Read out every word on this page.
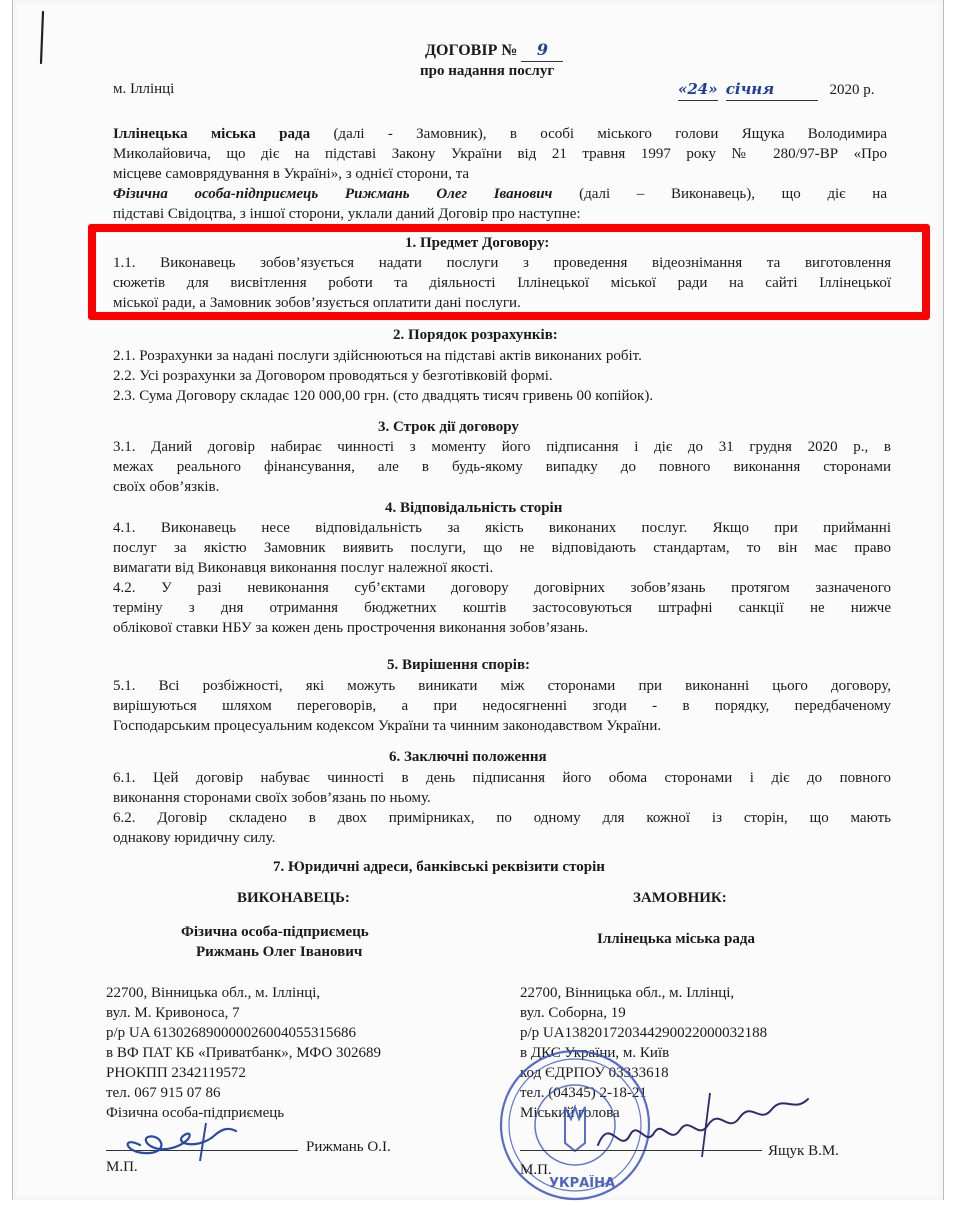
ДОГОВІР № 9
про надання послуг
м. Іллінці	«24» січня	2020 р.
Іллінецька міська рада (далі - Замовник), в особі міського голови Ящука Володимира
Миколайовича, що діє на підставі Закону України від 21 травня 1997 року № 280/97-ВР «Про
місцеве самоврядування в Україні», з однієї сторони, та
Фізична особа-підприємець Рижмань Олег Іванович (далі – Виконавець), що діє на
підставі Свідоцтва, з іншої сторони, уклали даний Договір про наступне:
1. Предмет Договору:
1.1. Виконавець зобов’язується надати послуги з проведення відеознімання та виготовлення
сюжетів для висвітлення роботи та діяльності Іллінецької міської ради на сайті Іллінецької
міської ради, а Замовник зобов’язується оплатити дані послуги.
2. Порядок розрахунків:
2.1. Розрахунки за надані послуги здійснюються на підставі актів виконаних робіт.
2.2. Усі розрахунки за Договором проводяться у безготівковій формі.
2.3. Сума Договору складає 120 000,00 грн. (сто двадцять тисяч гривень 00 копійок).
3. Строк дії договору
3.1. Даний договір набирає чинності з моменту його підписання і діє до 31 грудня 2020 р., в
межах реального фінансування, але в будь-якому випадку до повного виконання сторонами
своїх обов’язків.
4. Відповідальність сторін
4.1. Виконавець несе відповідальність за якість виконаних послуг. Якщо при прийманні
послуг за якістю Замовник виявить послуги, що не відповідають стандартам, то він має право
вимагати від Виконавця виконання послуг належної якості.
4.2. У разі невиконання суб’єктами договору договірних зобов’язань протягом зазначеного
терміну з дня отримання бюджетних коштів застосовуються штрафні санкції не нижче
облікової ставки НБУ за кожен день прострочення виконання зобов’язань.
5. Вирішення спорів:
5.1. Всі розбіжності, які можуть виникати між сторонами при виконанні цього договору,
вирішуються шляхом переговорів, а при недосягненні згоди - в порядку, передбаченому
Господарським процесуальним кодексом України та чинним законодавством України.
6. Заключні положення
6.1. Цей договір набуває чинності в день підписання його обома сторонами і діє до повного
виконання сторонами своїх зобов’язань по ньому.
6.2. Договір складено в двох примірниках, по одному для кожної із сторін, що мають
однакову юридичну силу.
7. Юридичні адреси, банківські реквізити сторін
ВИКОНАВЕЦЬ:
Фізична особа-підприємець
Рижмань Олег Іванович
22700, Вінницька обл., м. Іллінці,
вул. М. Кривоноса, 7
р/р UA 613026890000026004055315686
в ВФ ПАТ КБ «Приватбанк», МФО 302689
РНОКПП 2342119572
тел. 067 915 07 86
Фізична особа-підприємець
Рижмань О.І.
М.П.
ЗАМОВНИК:
Іллінецька міська рада
22700, Вінницька обл., м. Іллінці,
вул. Соборна, 19
р/р UA138201720344290022000032188
в ДКС України, м. Київ
код ЄДРПОУ 03333618
тел. (04345) 2-18-21
Міський голова
УКРАЇНА
Ящук В.М.
М.П.
